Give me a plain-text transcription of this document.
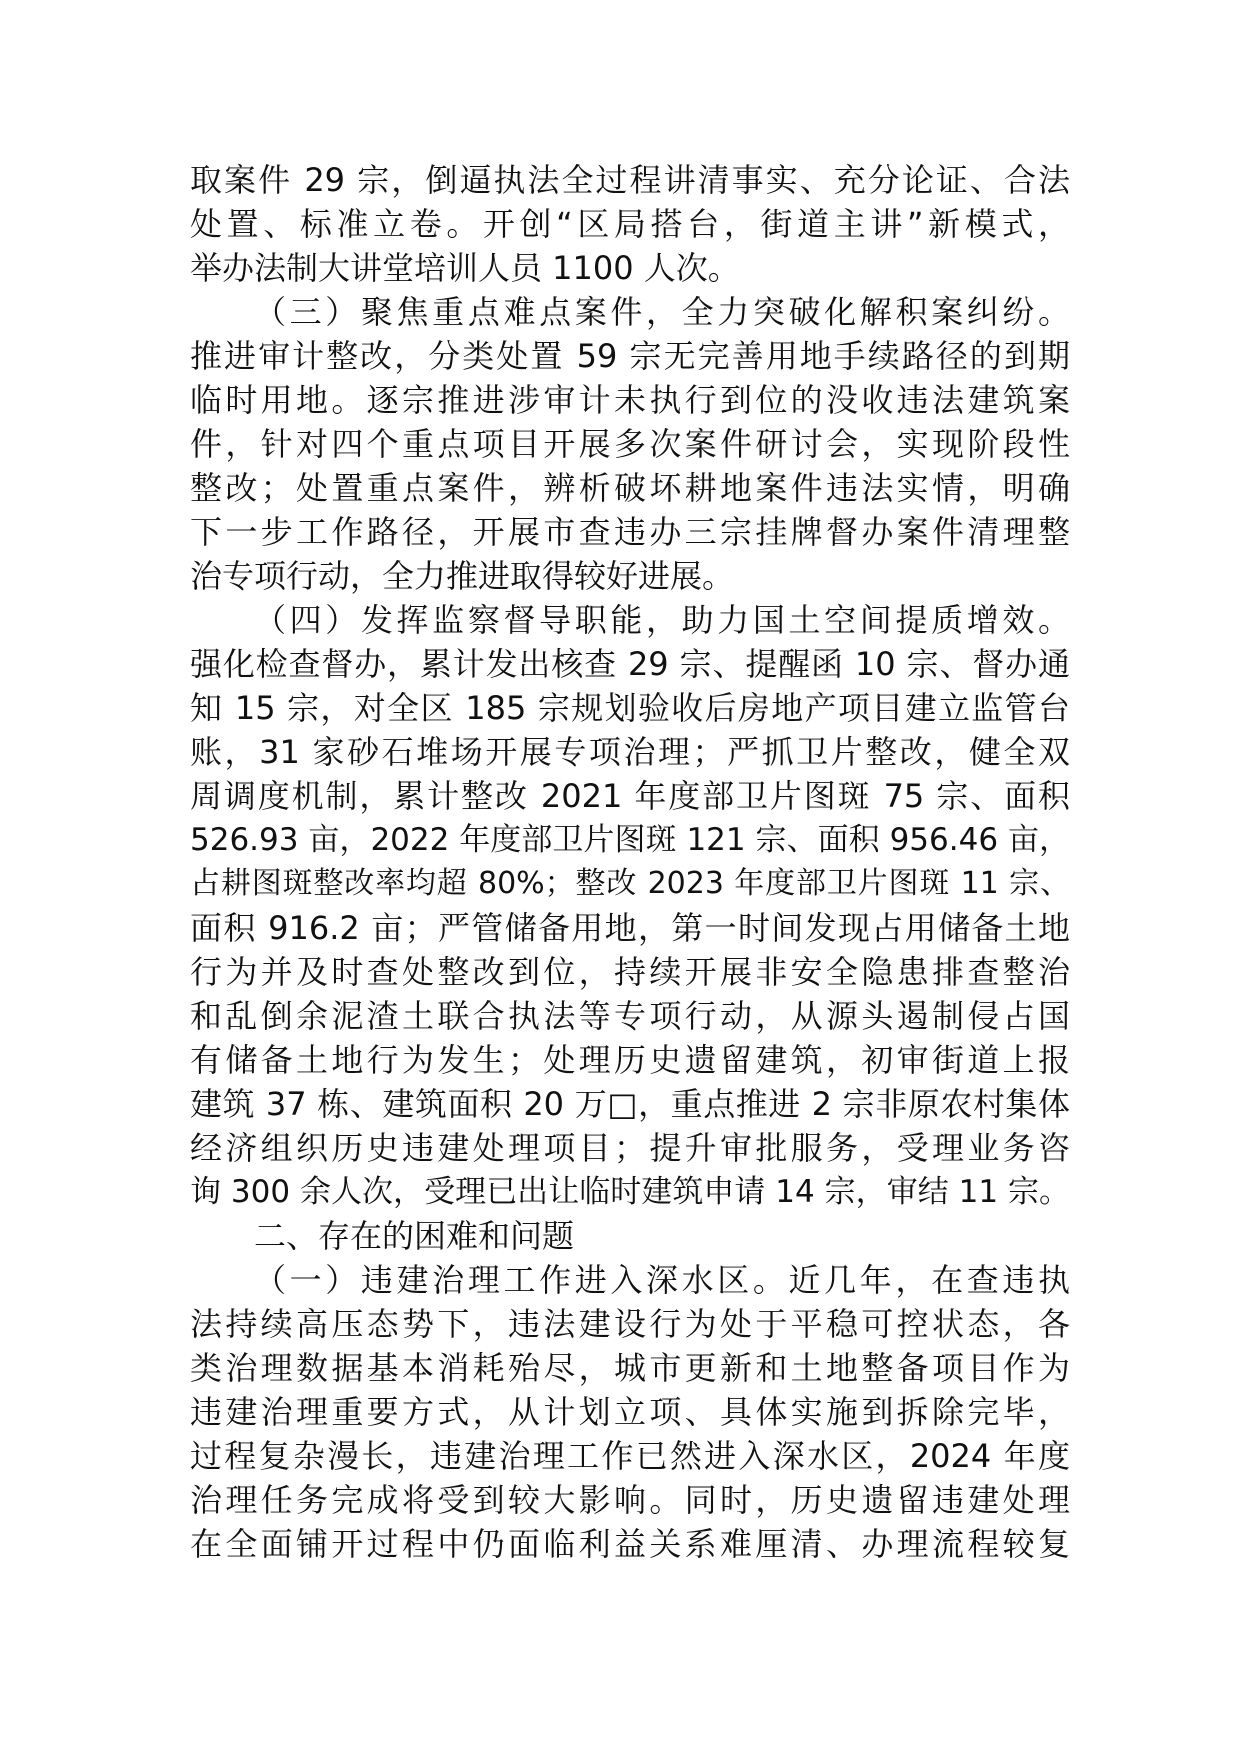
取案件 29 宗，倒逼执法全过程讲清事实、充分论证、合法
处置、标准立卷。开创“区局搭台，街道主讲”新模式，
举办法制大讲堂培训人员 1100 人次。
（三）聚焦重点难点案件，全力突破化解积案纠纷。
推进审计整改，分类处置 59 宗无完善用地手续路径的到期
临时用地。逐宗推进涉审计未执行到位的没收违法建筑案
件，针对四个重点项目开展多次案件研讨会，实现阶段性
整改；处置重点案件，辨析破坏耕地案件违法实情，明确
下一步工作路径，开展市查违办三宗挂牌督办案件清理整
治专项行动，全力推进取得较好进展。
（四）发挥监察督导职能，助力国土空间提质增效。
强化检查督办，累计发出核查 29 宗、提醒函 10 宗、督办通
知 15 宗，对全区 185 宗规划验收后房地产项目建立监管台
账，31 家砂石堆场开展专项治理；严抓卫片整改，健全双
周调度机制，累计整改 2021 年度部卫片图斑 75 宗、面积
526.93 亩，2022 年度部卫片图斑 121 宗、面积 956.46 亩，
占耕图斑整改率均超 80%；整改 2023 年度部卫片图斑 11 宗、
面积 916.2 亩；严管储备用地，第一时间发现占用储备土地
行为并及时查处整改到位，持续开展非安全隐患排查整治
和乱倒余泥渣土联合执法等专项行动，从源头遏制侵占国
有储备土地行为发生；处理历史遗留建筑，初审街道上报
建筑 37 栋、建筑面积 20 万□，重点推进 2 宗非原农村集体
经济组织历史违建处理项目；提升审批服务，受理业务咨
询 300 余人次，受理已出让临时建筑申请 14 宗，审结 11 宗。
二、存在的困难和问题
（一）违建治理工作进入深水区。近几年，在查违执
法持续高压态势下，违法建设行为处于平稳可控状态，各
类治理数据基本消耗殆尽，城市更新和土地整备项目作为
违建治理重要方式，从计划立项、具体实施到拆除完毕，
过程复杂漫长，违建治理工作已然进入深水区，2024 年度
治理任务完成将受到较大影响。同时，历史遗留违建处理
在全面铺开过程中仍面临利益关系难厘清、办理流程较复
